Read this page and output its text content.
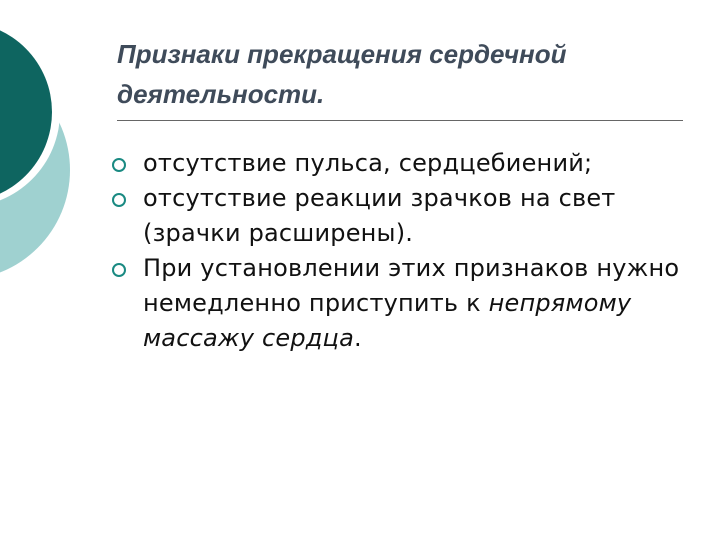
Признаки прекращения сердечной деятельности.
отсутствие пульса, сердцебиений;
отсутствие реакции зрачков на свет (зрачки расширены).
При установлении этих признаков нужно немедленно приступить к непрямому массажу сердца.
